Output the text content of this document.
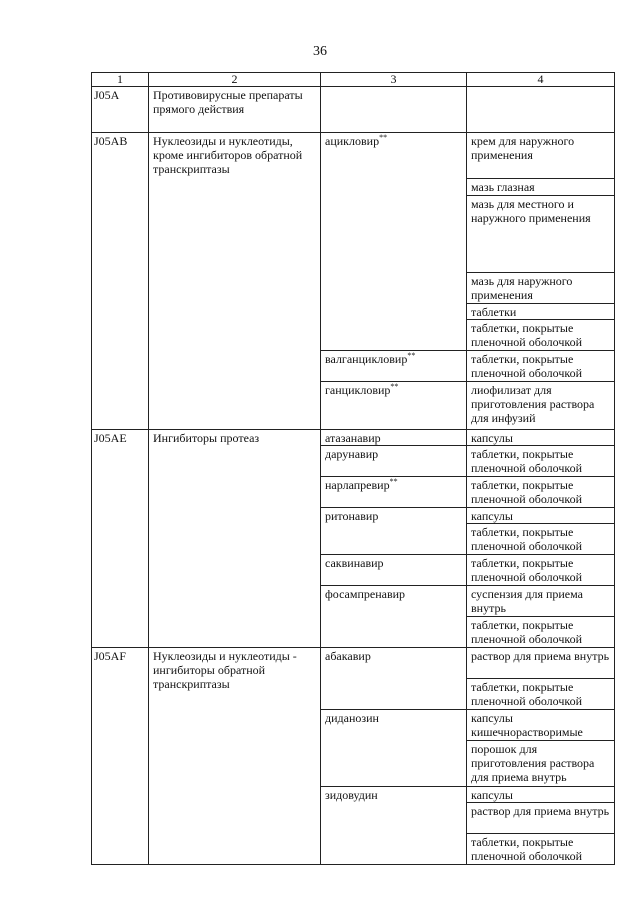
36
1	2	3	4
J05A	Противовирусные препараты прямого действия		
J05AB	Нуклеозиды и нуклеотиды, кроме ингибиторов обратной транскриптазы	ацикловир**	крем для наружного применения
			мазь глазная
			мазь для местного и наружного применения
			мазь для наружного применения
			таблетки
			таблетки, покрытые пленочной оболочкой
		валганцикловир**	таблетки, покрытые пленочной оболочкой
		ганцикловир**	лиофилизат для приготовления раствора для инфузий
J05AE	Ингибиторы протеаз	атазанавир	капсулы
		дарунавир	таблетки, покрытые пленочной оболочкой
		нарлапревир**	таблетки, покрытые пленочной оболочкой
		ритонавир	капсулы
			таблетки, покрытые пленочной оболочкой
		саквинавир	таблетки, покрытые пленочной оболочкой
		фосампренавир	суспензия для приема внутрь
			таблетки, покрытые пленочной оболочкой
J05AF	Нуклеозиды и нуклеотиды - ингибиторы обратной транскриптазы	абакавир	раствор для приема внутрь
			таблетки, покрытые пленочной оболочкой
		диданозин	капсулы кишечнорастворимые
			порошок для приготовления раствора для приема внутрь
		зидовудин	капсулы
			раствор для приема внутрь
			таблетки, покрытые пленочной оболочкой
